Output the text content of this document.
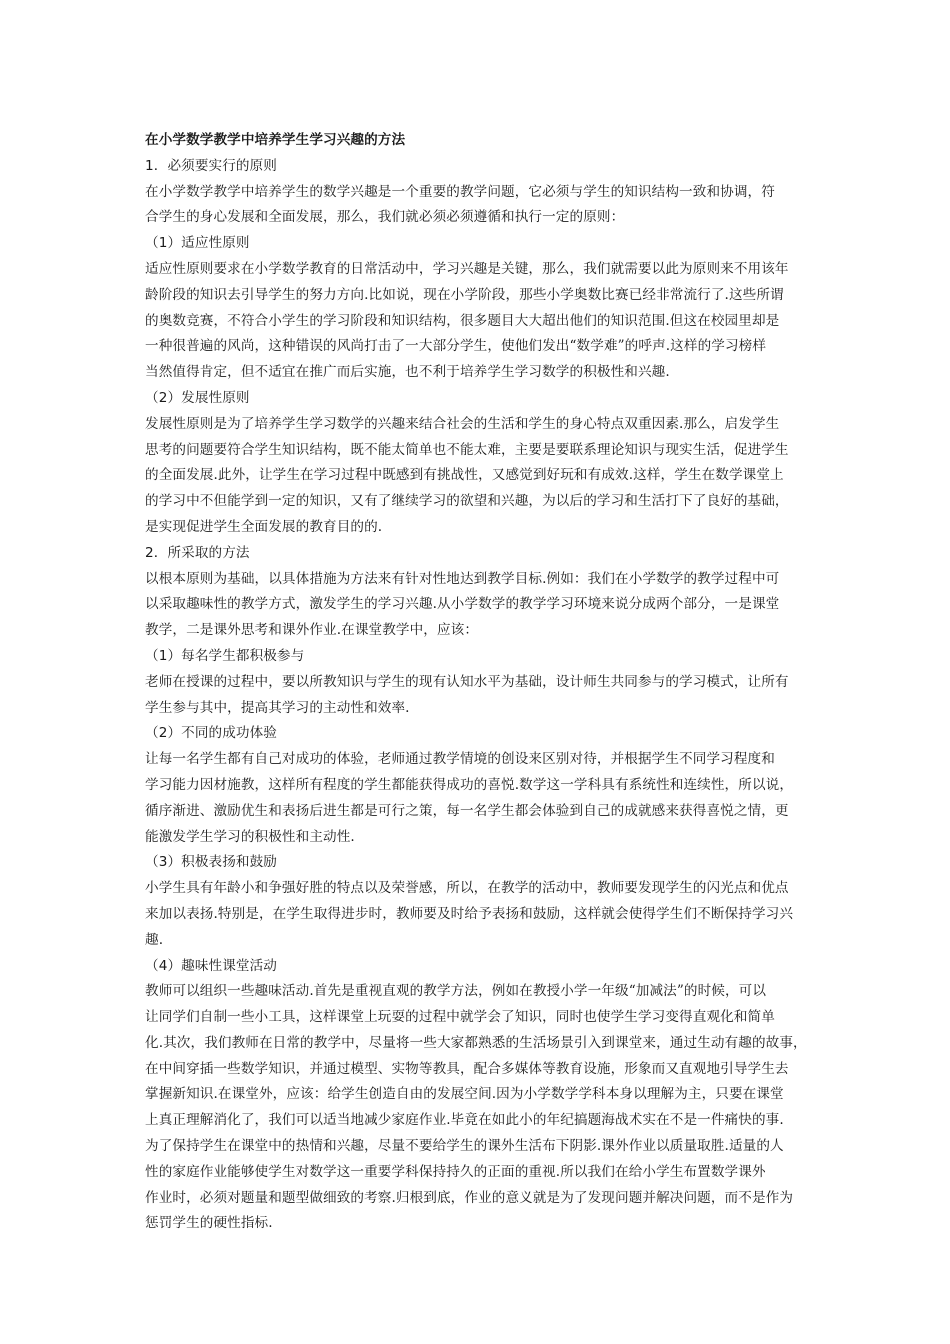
在小学数学教学中培养学生学习兴趣的方法
1．必须要实行的原则
在小学数学教学中培养学生的数学兴趣是一个重要的教学问题，它必须与学生的知识结构一致和协调，符
合学生的身心发展和全面发展，那么，我们就必须必须遵循和执行一定的原则：
（1）适应性原则
适应性原则要求在小学数学教育的日常活动中，学习兴趣是关键，那么，我们就需要以此为原则来不用该年
龄阶段的知识去引导学生的努力方向.比如说，现在小学阶段，那些小学奥数比赛已经非常流行了.这些所谓
的奥数竞赛，不符合小学生的学习阶段和知识结构，很多题目大大超出他们的知识范围.但这在校园里却是
一种很普遍的风尚，这种错误的风尚打击了一大部分学生，使他们发出“数学难”的呼声.这样的学习榜样
当然值得肯定，但不适宜在推广而后实施，也不利于培养学生学习数学的积极性和兴趣.
（2）发展性原则
发展性原则是为了培养学生学习数学的兴趣来结合社会的生活和学生的身心特点双重因素.那么，启发学生
思考的问题要符合学生知识结构，既不能太简单也不能太难，主要是要联系理论知识与现实生活，促进学生
的全面发展.此外，让学生在学习过程中既感到有挑战性，又感觉到好玩和有成效.这样，学生在数学课堂上
的学习中不但能学到一定的知识，又有了继续学习的欲望和兴趣，为以后的学习和生活打下了良好的基础，
是实现促进学生全面发展的教育目的的.
2．所采取的方法
以根本原则为基础，以具体措施为方法来有针对性地达到教学目标.例如：我们在小学数学的教学过程中可
以采取趣味性的教学方式，激发学生的学习兴趣.从小学数学的教学学习环境来说分成两个部分，一是课堂
教学，二是课外思考和课外作业.在课堂教学中，应该：
（1）每名学生都积极参与
老师在授课的过程中，要以所教知识与学生的现有认知水平为基础，设计师生共同参与的学习模式，让所有
学生参与其中，提高其学习的主动性和效率.
（2）不同的成功体验
让每一名学生都有自己对成功的体验，老师通过教学情境的创设来区别对待，并根据学生不同学习程度和
学习能力因材施教，这样所有程度的学生都能获得成功的喜悦.数学这一学科具有系统性和连续性，所以说，
循序渐进、激励优生和表扬后进生都是可行之策，每一名学生都会体验到自己的成就感来获得喜悦之情，更
能激发学生学习的积极性和主动性.
（3）积极表扬和鼓励
小学生具有年龄小和争强好胜的特点以及荣誉感，所以，在教学的活动中，教师要发现学生的闪光点和优点
来加以表扬.特别是，在学生取得进步时，教师要及时给予表扬和鼓励，这样就会使得学生们不断保持学习兴
趣.
（4）趣味性课堂活动
教师可以组织一些趣味活动.首先是重视直观的教学方法，例如在教授小学一年级“加减法”的时候，可以
让同学们自制一些小工具，这样课堂上玩耍的过程中就学会了知识，同时也使学生学习变得直观化和简单
化.其次，我们教师在日常的教学中，尽量将一些大家都熟悉的生活场景引入到课堂来，通过生动有趣的故事，
在中间穿插一些数学知识，并通过模型、实物等教具，配合多媒体等教育设施，形象而又直观地引导学生去
掌握新知识.在课堂外，应该：给学生创造自由的发展空间.因为小学数学学科本身以理解为主，只要在课堂
上真正理解消化了，我们可以适当地减少家庭作业.毕竟在如此小的年纪搞题海战术实在不是一件痛快的事.
为了保持学生在课堂中的热情和兴趣，尽量不要给学生的课外生活布下阴影.课外作业以质量取胜.适量的人
性的家庭作业能够使学生对数学这一重要学科保持持久的正面的重视.所以我们在给小学生布置数学课外
作业时，必须对题量和题型做细致的考察.归根到底，作业的意义就是为了发现问题并解决问题，而不是作为
惩罚学生的硬性指标.
